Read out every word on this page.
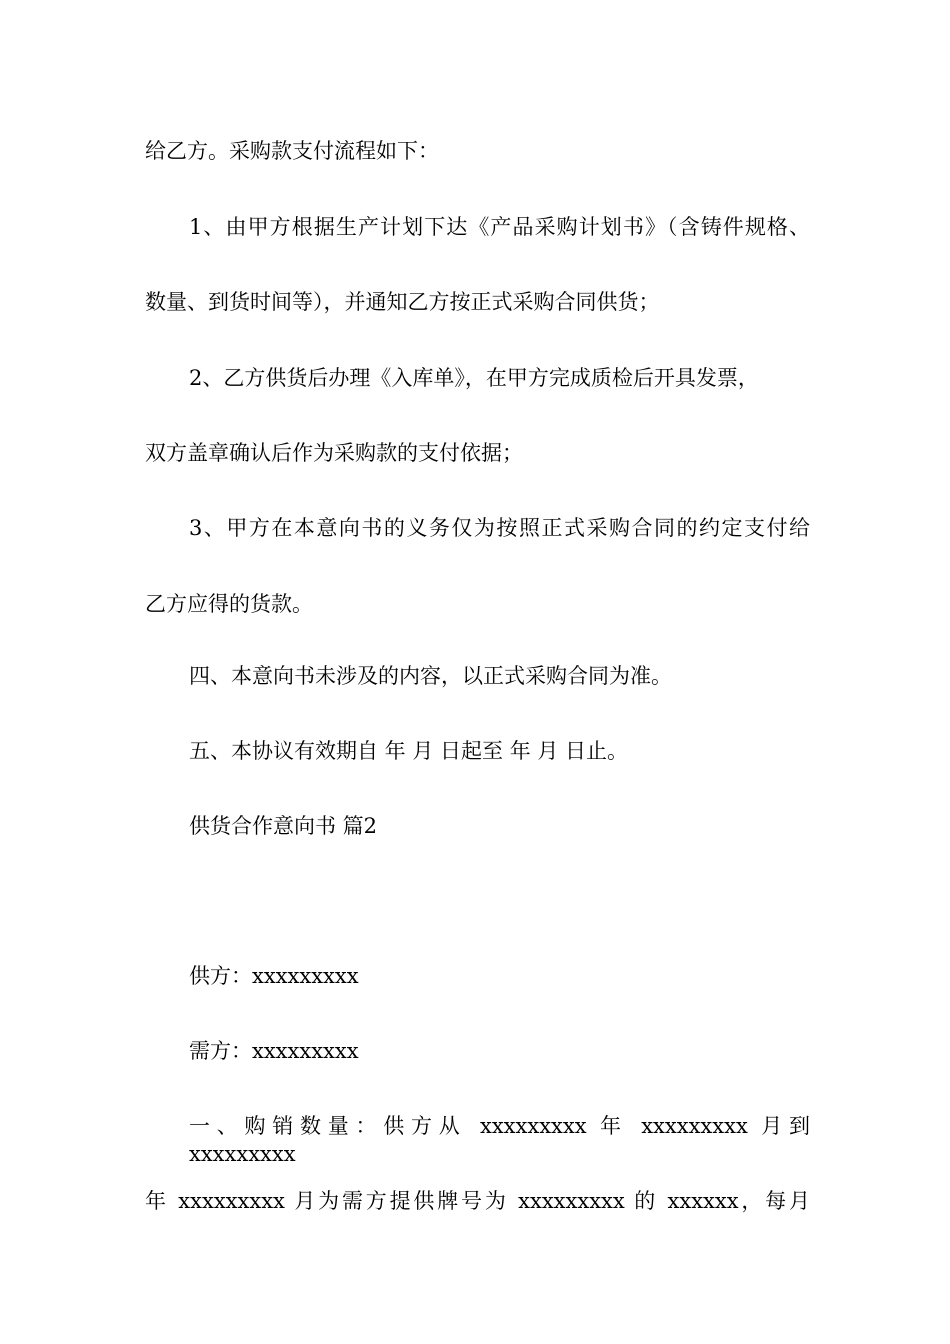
给乙方。采购款支付流程如下：
1、由甲方根据生产计划下达《产品采购计划书》（含铸件规格、
数量、到货时间等），并通知乙方按正式采购合同供货；
2、乙方供货后办理《入库单》，在甲方完成质检后开具发票，
双方盖章确认后作为采购款的支付依据；
3、甲方在本意向书的义务仅为按照正式采购合同的约定支付给
乙方应得的货款。
四、本意向书未涉及的内容，以正式采购合同为准。
五、本协议有效期自 年 月 日起至 年 月 日止。
供货合作意向书 篇2
供方：xxxxxxxxx
需方：xxxxxxxxx
一、购销数量：供方从 xxxxxxxxx 年 xxxxxxxxx 月到 xxxxxxxxx
年 xxxxxxxxx 月为需方提供牌号为 xxxxxxxxx 的 xxxxxx，每月
